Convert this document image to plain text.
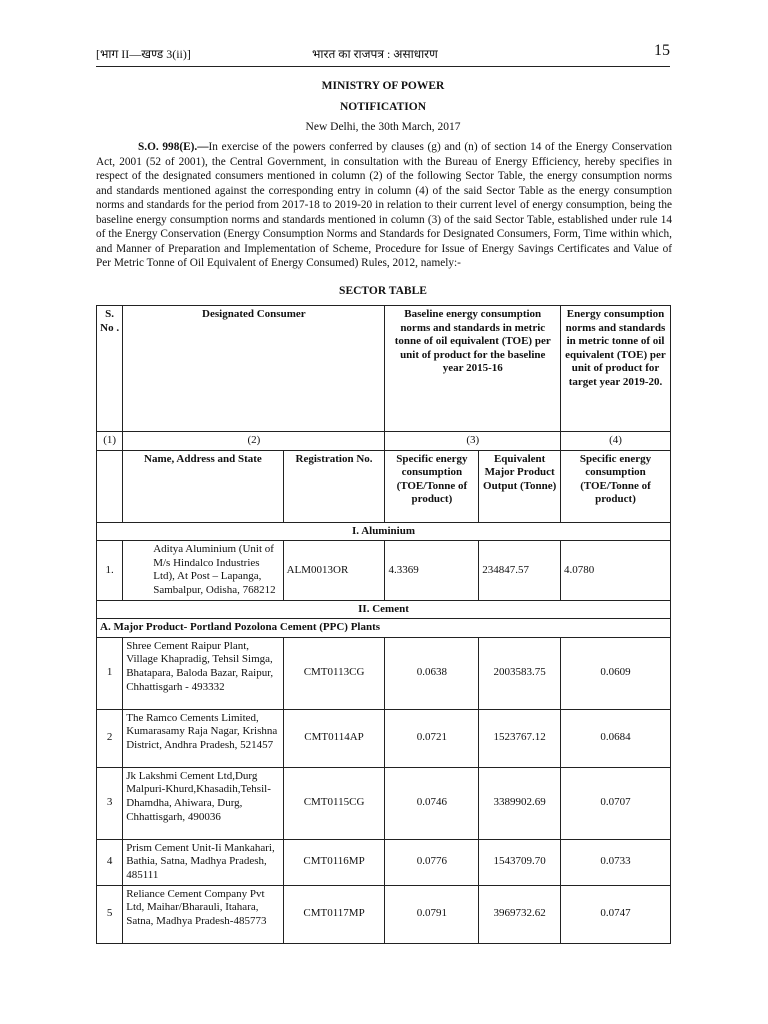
[भाग II—खण्ड 3(ii)]	भारत का राजपत्र : असाधारण	15
MINISTRY OF POWER
NOTIFICATION
New Delhi, the 30th March, 2017
S.O. 998(E).—In exercise of the powers conferred by clauses (g) and (n) of section 14 of the Energy Conservation Act, 2001 (52 of 2001), the Central Government, in consultation with the Bureau of Energy Efficiency, hereby specifies in respect of the designated consumers mentioned in column (2) of the following Sector Table, the energy consumption norms and standards mentioned against the corresponding entry in column (4) of the said Sector Table as the energy consumption norms and standards for the period from 2017-18 to 2019-20 in relation to their current level of energy consumption, being the baseline energy consumption norms and standards mentioned in column (3) of the said Sector Table, established under rule 14 of the Energy Conservation (Energy Consumption Norms and Standards for Designated Consumers, Form, Time within which, and Manner of Preparation and Implementation of Scheme, Procedure for Issue of Energy Savings Certificates and Value of Per Metric Tonne of Oil Equivalent of Energy Consumed) Rules, 2012, namely:-
SECTOR TABLE
S. No .	Designated Consumer		Baseline energy consumption norms and standards in metric tonne of oil equivalent (TOE) per unit of product for the baseline year 2015-16		Energy consumption norms and standards in metric tonne of oil equivalent (TOE) per unit of product for target year 2019-20.
(1)	(2)		(3)		(4)
	Name, Address and State	Registration No.	Specific energy consumption (TOE/Tonne of product)	Equivalent Major Product Output (Tonne)	Specific energy consumption (TOE/Tonne of product)
I. Aluminium					
1.	Aditya Aluminium (Unit of M/s Hindalco Industries Ltd), At Post – Lapanga, Sambalpur, Odisha, 768212	ALM0013OR	4.3369	234847.57	4.0780
II. Cement					
A. Major Product- Portland Pozolona Cement (PPC) Plants					
1	Shree Cement Raipur Plant, Village Khapradig, Tehsil Simga, Bhatapara, Baloda Bazar, Raipur, Chhattisgarh - 493332	CMT0113CG	0.0638	2003583.75	0.0609
2	The Ramco Cements Limited, Kumarasamy Raja Nagar, Krishna District, Andhra Pradesh, 521457	CMT0114AP	0.0721	1523767.12	0.0684
3	Jk Lakshmi Cement Ltd,Durg Malpuri-Khurd,Khasadih,Tehsil-Dhamdha, Ahiwara, Durg, Chhattisgarh, 490036	CMT0115CG	0.0746	3389902.69	0.0707
4	Prism Cement Unit-Ii Mankahari, Bathia, Satna, Madhya Pradesh, 485111	CMT0116MP	0.0776	1543709.70	0.0733
5	Reliance Cement Company Pvt Ltd, Maihar/Bharauli, Itahara, Satna, Madhya Pradesh-485773	CMT0117MP	0.0791	3969732.62	0.0747
